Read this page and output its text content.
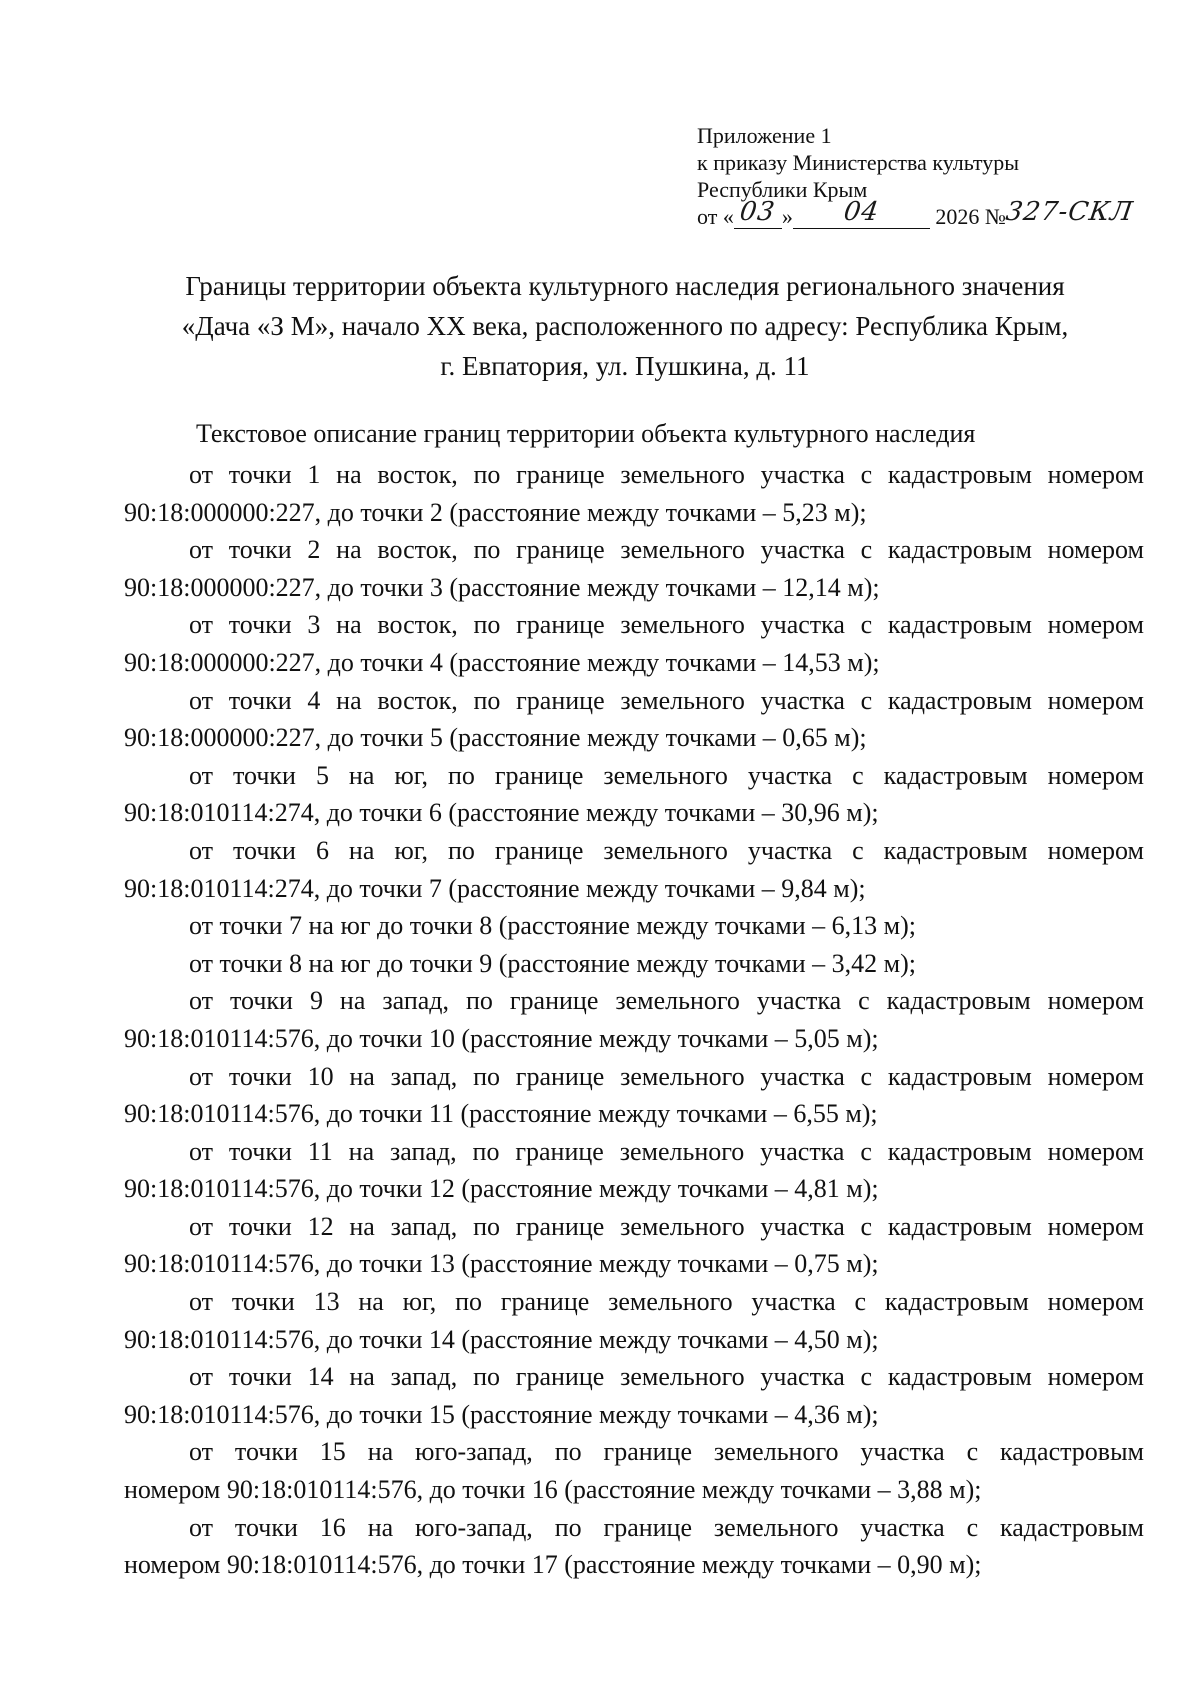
Приложение 1
к приказу Министерства культуры
Республики Крым
от « 03 » 04 2026 №327-СКЛ
Границы территории объекта культурного наследия регионального значения
«Дача «З М», начало XX века, расположенного по адресу: Республика Крым,
г. Евпатория, ул. Пушкина, д. 11
Текстовое описание границ территории объекта культурного наследия
от точки 1 на восток, по границе земельного участка с кадастровым номером
90:18:000000:227, до точки 2 (расстояние между точками – 5,23 м);
от точки 2 на восток, по границе земельного участка с кадастровым номером
90:18:000000:227, до точки 3 (расстояние между точками – 12,14 м);
от точки 3 на восток, по границе земельного участка с кадастровым номером
90:18:000000:227, до точки 4 (расстояние между точками – 14,53 м);
от точки 4 на восток, по границе земельного участка с кадастровым номером
90:18:000000:227, до точки 5 (расстояние между точками – 0,65 м);
от точки 5 на юг, по границе земельного участка с кадастровым номером
90:18:010114:274, до точки 6 (расстояние между точками – 30,96 м);
от точки 6 на юг, по границе земельного участка с кадастровым номером
90:18:010114:274, до точки 7 (расстояние между точками – 9,84 м);
от точки 7 на юг до точки 8 (расстояние между точками – 6,13 м);
от точки 8 на юг до точки 9 (расстояние между точками – 3,42 м);
от точки 9 на запад, по границе земельного участка с кадастровым номером
90:18:010114:576, до точки 10 (расстояние между точками – 5,05 м);
от точки 10 на запад, по границе земельного участка с кадастровым номером
90:18:010114:576, до точки 11 (расстояние между точками – 6,55 м);
от точки 11 на запад, по границе земельного участка с кадастровым номером
90:18:010114:576, до точки 12 (расстояние между точками – 4,81 м);
от точки 12 на запад, по границе земельного участка с кадастровым номером
90:18:010114:576, до точки 13 (расстояние между точками – 0,75 м);
от точки 13 на юг, по границе земельного участка с кадастровым номером
90:18:010114:576, до точки 14 (расстояние между точками – 4,50 м);
от точки 14 на запад, по границе земельного участка с кадастровым номером
90:18:010114:576, до точки 15 (расстояние между точками – 4,36 м);
от точки 15 на юго-запад, по границе земельного участка с кадастровым
номером 90:18:010114:576, до точки 16 (расстояние между точками – 3,88 м);
от точки 16 на юго-запад, по границе земельного участка с кадастровым
номером 90:18:010114:576, до точки 17 (расстояние между точками – 0,90 м);
